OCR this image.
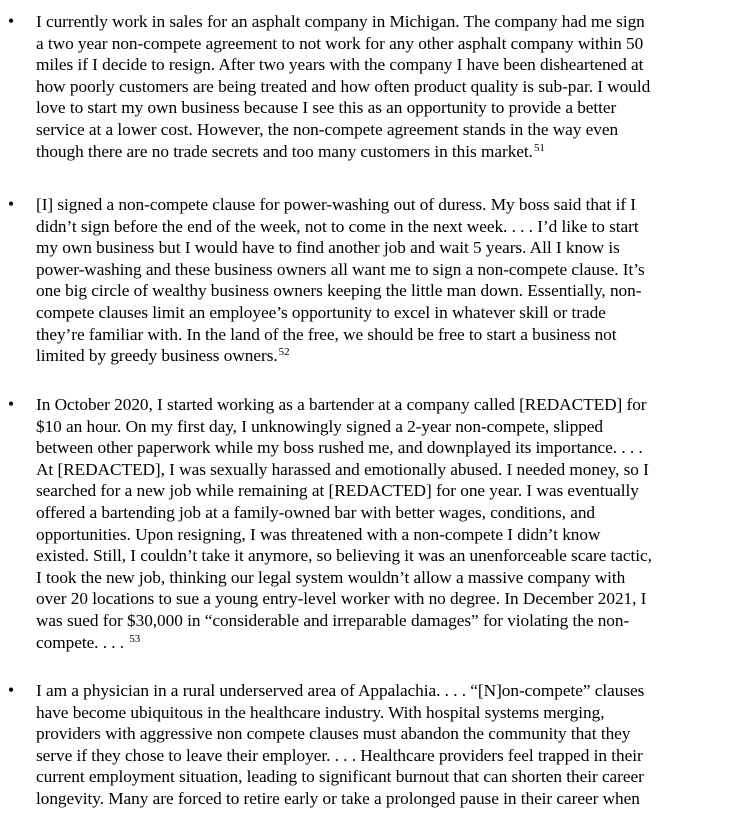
• I currently work in sales for an asphalt company in Michigan. The company had me sign
a two year non-compete agreement to not work for any other asphalt company within 50
miles if I decide to resign. After two years with the company I have been disheartened at
how poorly customers are being treated and how often product quality is sub-par. I would
love to start my own business because I see this as an opportunity to provide a better
service at a lower cost. However, the non-compete agreement stands in the way even
though there are no trade secrets and too many customers in this market.$^{51}$
• [I] signed a non-compete clause for power-washing out of duress. My boss said that if I
didn’t sign before the end of the week, not to come in the next week. . . . I’d like to start
my own business but I would have to find another job and wait 5 years. All I know is
power-washing and these business owners all want me to sign a non-compete clause. It’s
one big circle of wealthy business owners keeping the little man down. Essentially, non-
compete clauses limit an employee’s opportunity to excel in whatever skill or trade
they’re familiar with. In the land of the free, we should be free to start a business not
limited by greedy business owners.$^{52}$
• In October 2020, I started working as a bartender at a company called [REDACTED] for
$10 an hour. On my first day, I unknowingly signed a 2-year non-compete, slipped
between other paperwork while my boss rushed me, and downplayed its importance. . . .
At [REDACTED], I was sexually harassed and emotionally abused. I needed money, so I
searched for a new job while remaining at [REDACTED] for one year. I was eventually
offered a bartending job at a family-owned bar with better wages, conditions, and
opportunities. Upon resigning, I was threatened with a non-compete I didn’t know
existed. Still, I couldn’t take it anymore, so believing it was an unenforceable scare tactic,
I took the new job, thinking our legal system wouldn’t allow a massive company with
over 20 locations to sue a young entry-level worker with no degree. In December 2021, I
was sued for $30,000 in “considerable and irreparable damages” for violating the non-
compete. . . . $^{53}$
• I am a physician in a rural underserved area of Appalachia. . . . “[N]on-compete” clauses
have become ubiquitous in the healthcare industry. With hospital systems merging,
providers with aggressive non compete clauses must abandon the community that they
serve if they chose to leave their employer. . . . Healthcare providers feel trapped in their
current employment situation, leading to significant burnout that can shorten their career
longevity. Many are forced to retire early or take a prolonged pause in their career when
